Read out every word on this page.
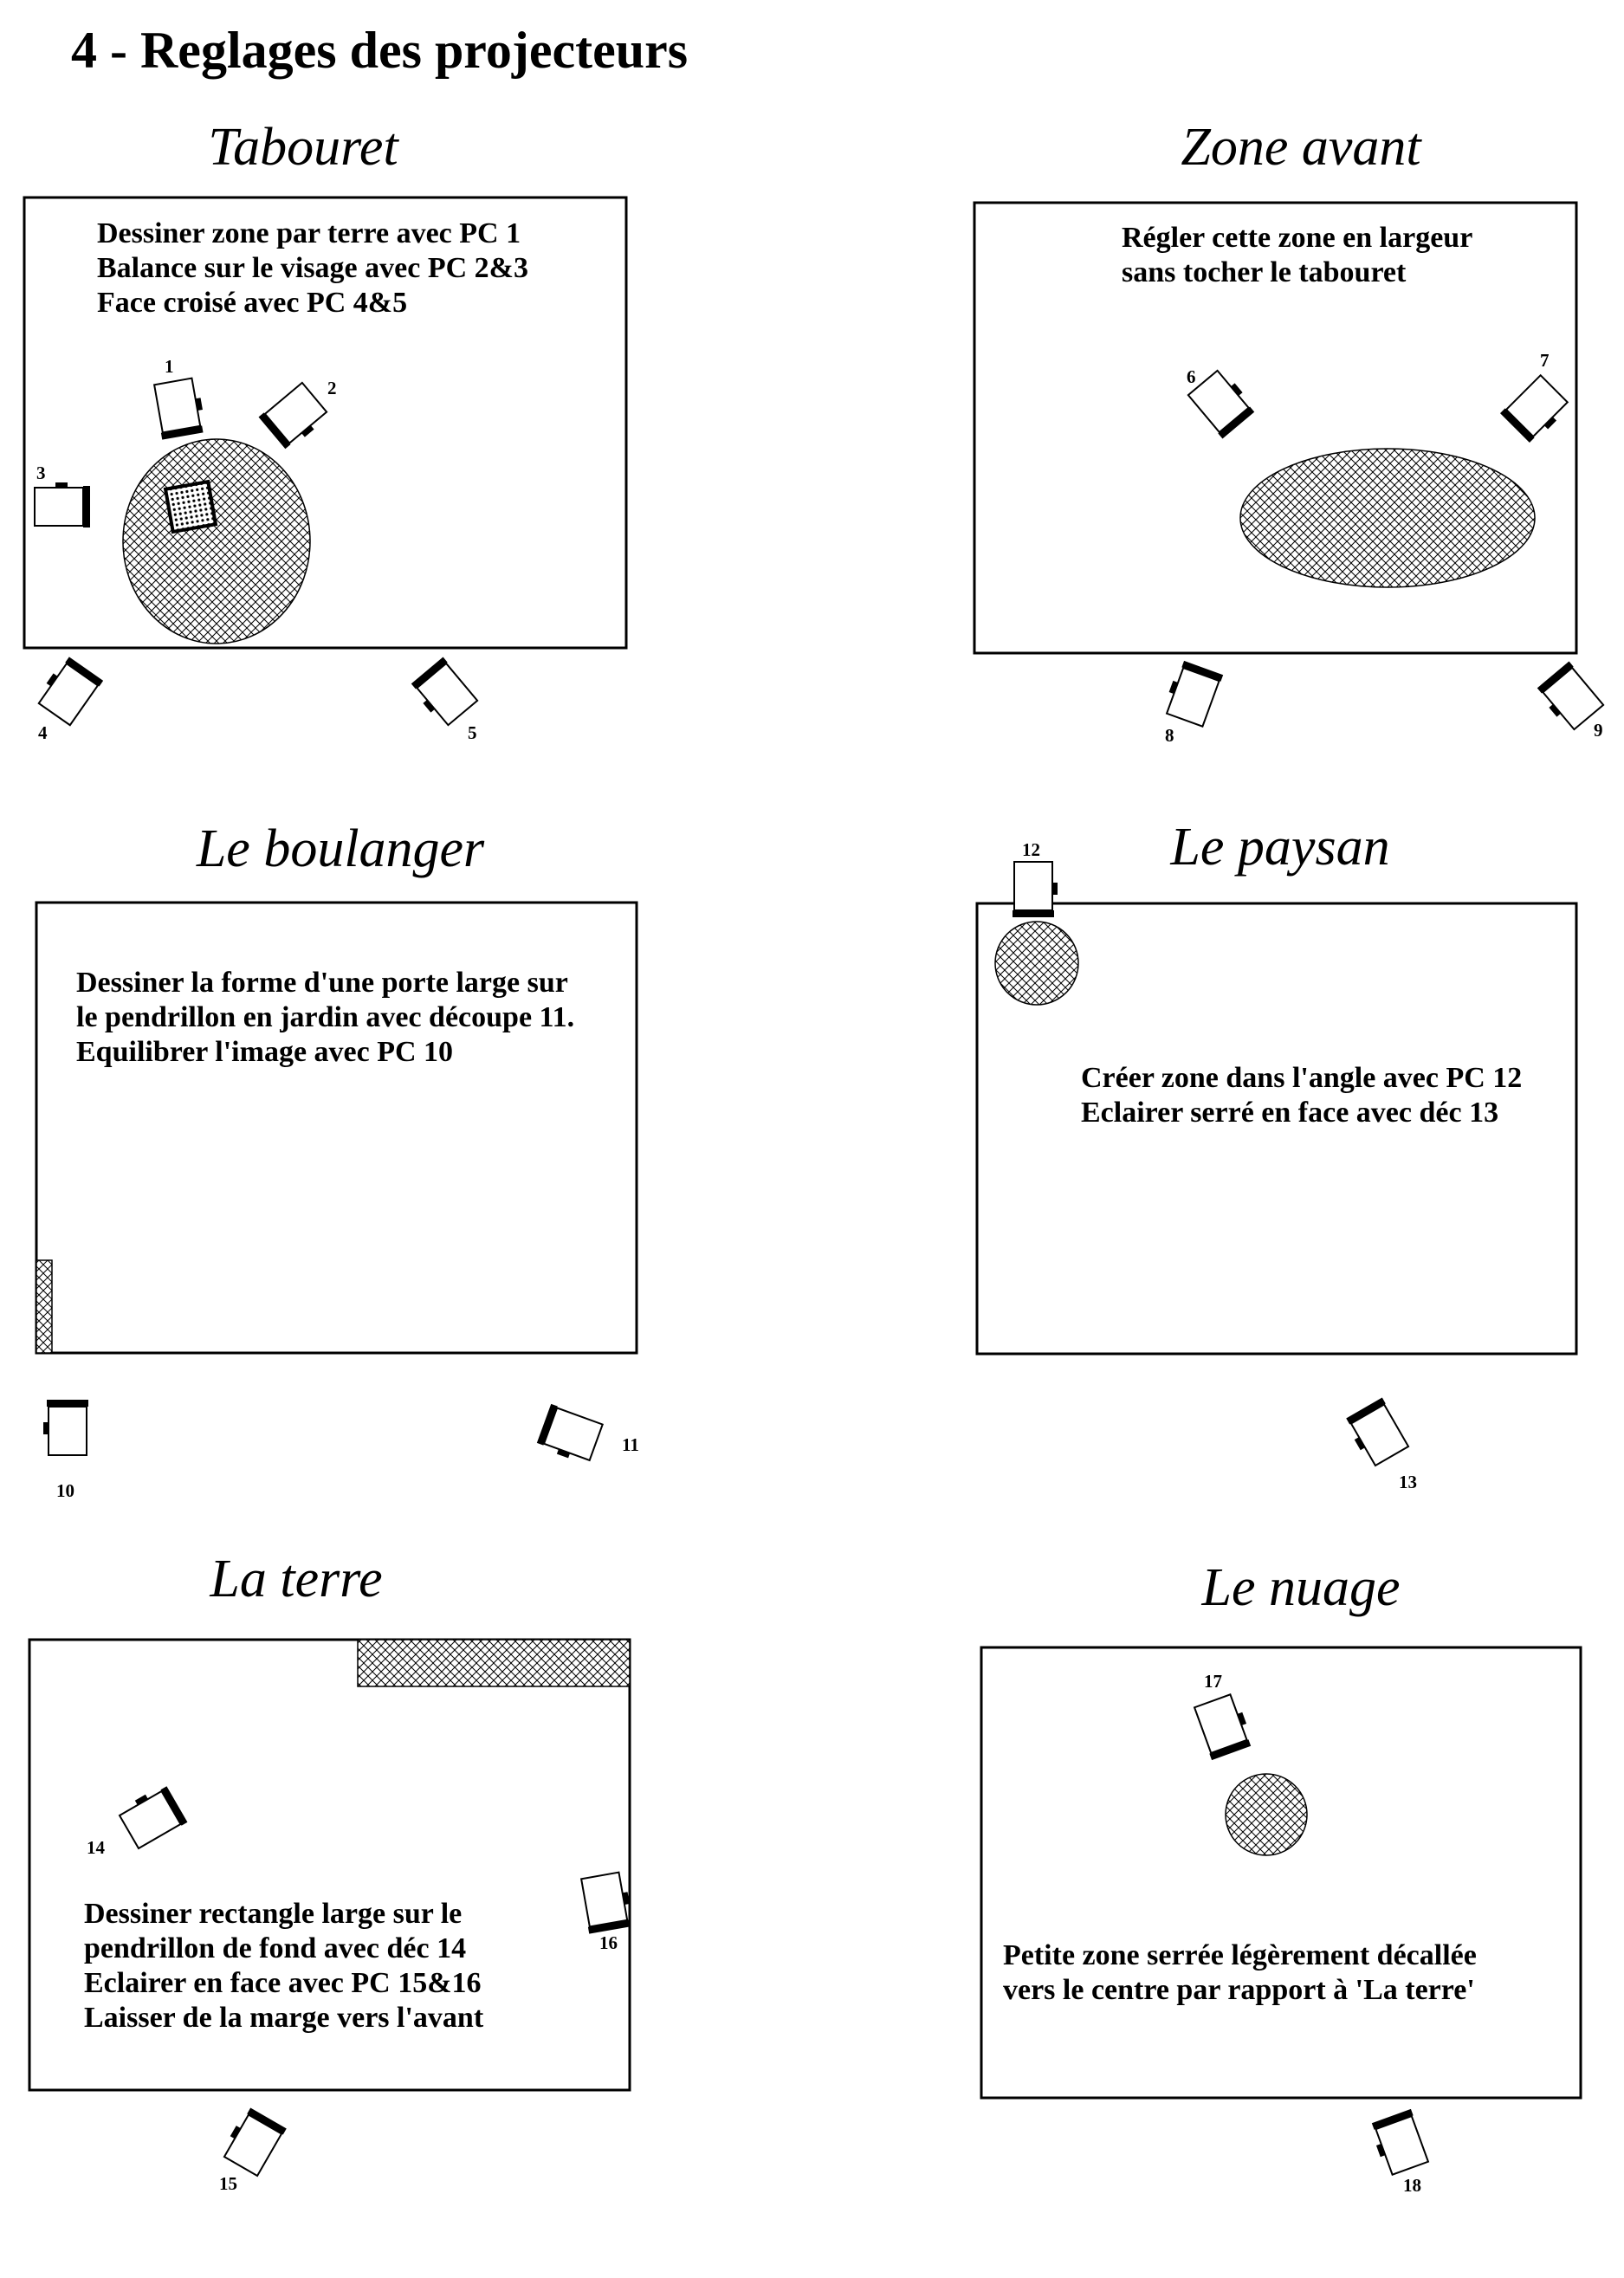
4 - Reglages des projecteurs
Tabouret
Dessiner zone par terre avec PC 1
Balance sur le visage avec PC 2&3
Face croisé avec PC 4&5
1
2
3
4	5
Zone avant
Régler cette zone en largeur
sans tocher le tabouret
6
7
8	9
Le boulanger
Dessiner la forme d'une porte large sur
le pendrillon en jardin avec découpe 11.
Equilibrer l'image avec PC 10
10
11
Le paysan
Créer zone dans l'angle avec PC 12
Eclairer serré en face avec déc 13
12
13
La terre
Dessiner rectangle large sur le
pendrillon de fond avec déc 14
Eclairer en face avec PC 15&16
Laisser de la marge vers l'avant
14
16
15
Le nuage
17
Petite zone serrée légèrement décallée
vers le centre par rapport à 'La terre'
18
